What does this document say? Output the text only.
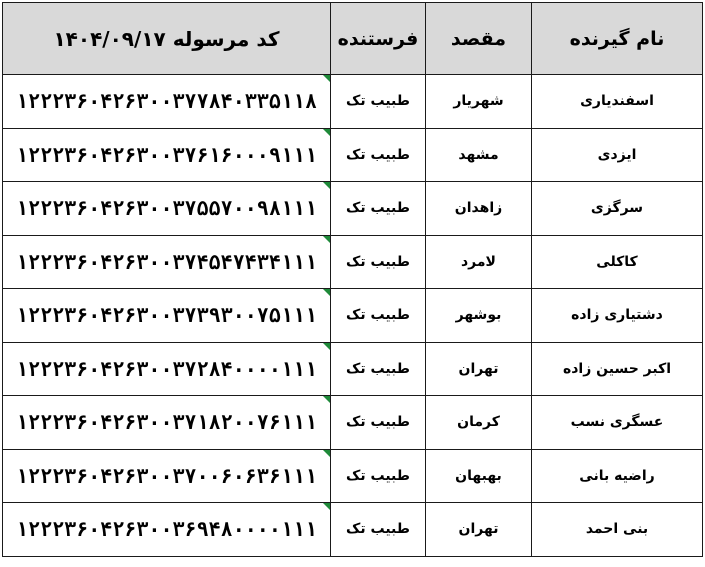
کد مرسوله ۱۴۰۴/۰۹/۱۷	فرستنده	مقصد	نام گیرنده

۱۲۲۲۳۶۰۴۲۶۳۰۰۳۷۷۸۴۰۳۳۵۱۱۸	طبیب تک	شهریار	اسفندیاری

۱۲۲۲۳۶۰۴۲۶۳۰۰۳۷۶۱۶۰۰۰۹۱۱۱	طبیب تک	مشهد	ایزدی

۱۲۲۲۳۶۰۴۲۶۳۰۰۳۷۵۵۷۰۰۹۸۱۱۱	طبیب تک	زاهدان	سرگزی

۱۲۲۲۳۶۰۴۲۶۳۰۰۳۷۴۵۴۷۴۳۴۱۱۱	طبیب تک	لامرد	کاکلی

۱۲۲۲۳۶۰۴۲۶۳۰۰۳۷۳۹۳۰۰۷۵۱۱۱	طبیب تک	بوشهر	دشتیاری زاده

۱۲۲۲۳۶۰۴۲۶۳۰۰۳۷۲۸۴۰۰۰۰۱۱۱	طبیب تک	تهران	اکبر حسین زاده

۱۲۲۲۳۶۰۴۲۶۳۰۰۳۷۱۸۲۰۰۷۶۱۱۱	طبیب تک	کرمان	عسگری نسب

۱۲۲۲۳۶۰۴۲۶۳۰۰۳۷۰۰۶۰۶۳۶۱۱۱	طبیب تک	بهبهان	راضیه بانی

۱۲۲۲۳۶۰۴۲۶۳۰۰۳۶۹۴۸۰۰۰۰۱۱۱	طبیب تک	تهران	بنی احمد
